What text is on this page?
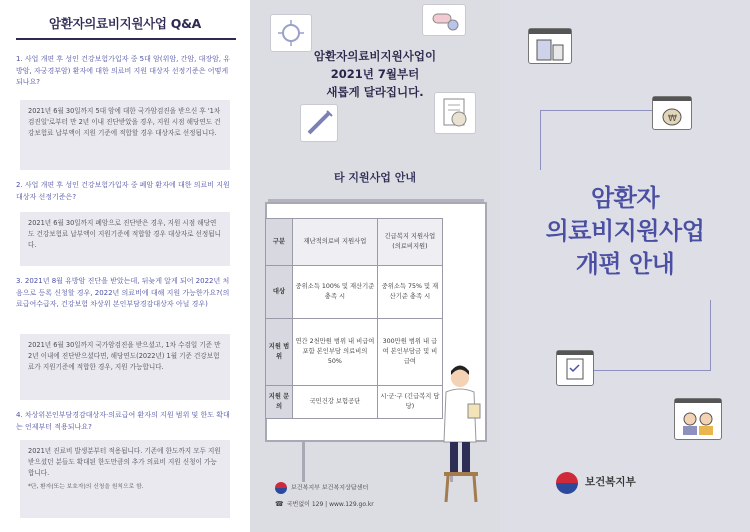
암환자의료비지원사업 Q&A
1. 사업 개편 후 성인 건강보험가입자 중 5대 암(위암, 간암, 대장암, 유방암, 자궁경부암) 환자에 대한 의료비 지원 대상자 선정기준은 어떻게 되나요?
2021년 6월 30일까지 5대 암에 대한 국가암검진을 받으신 후 '1차 검진일'로부터 만 2년 이내 진단받았을 경우, 지원 시점 해당연도 건강보험료 납부액이 지원 기준에 적합할 경우 대상자로 선정됩니다.
2. 사업 개편 후 성인 건강보험가입자 중 폐암 환자에 대한 의료비 지원 대상자 선정기준은?
2021년 6월 30일까지 폐암으로 진단받은 경우, 지원 시점 해당연도 건강보험료 납부액이 지원기준에 적합할 경우 대상자로 선정됩니다.
3. 2021년 8월 유방암 진단을 받았는데, 뒤늦게 알게 되어 2022년 처음으로 등록 신청할 경우, 2022년 의료비에 대해 지원 가능한가요?(의료급여수급자, 건강보험 차상위 본인부담경감대상자 아닐 경우)
2021년 6월 30일까지 국가암검진을 받으셨고, 1차 수검일 기준 만 2년 이내에 진단받으셨다면, 해당연도(2022년) 1월 기준 건강보험료가 지원기준에 적합한 경우, 지원 가능합니다.
4. 차상위본인부담경감대상자·의료급여 환자의 지원 범위 및 한도 확대는 언제부터 적용되나요?
2021년 진료비 발생분부터 적용됩니다. 기존에 한도까지 모두 지원받으셨던 분들도 확대된 한도만큼의 추가 의료비 지원 신청이 가능합니다.
*단, 환자(또는 보호자)의 신청을 원칙으로 함.
암환자의료비지원사업이
2021년 7월부터
새롭게 달라집니다.
타 지원사업 안내
구분	재난적의료비 지원사업	긴급복지 지원사업 (의료비지원)
대상	중위소득 100% 및 재산기준 충족 시	중위소득 75% 및 재산기준 충족 시
지원 범위	연간 2천만원 범위 내 비급여 포함 본인부담 의료비의 50%	300만원 범위 내 급여 본인부담금 및 비급여
지원 문의	국민건강 보험공단	시·군·구 (긴급복지 담당)
보건복지부 보건복지상담센터
☎ 국번없이 129 | www.129.go.kr
₩
암환자
의료비지원사업
개편 안내
보건복지부
